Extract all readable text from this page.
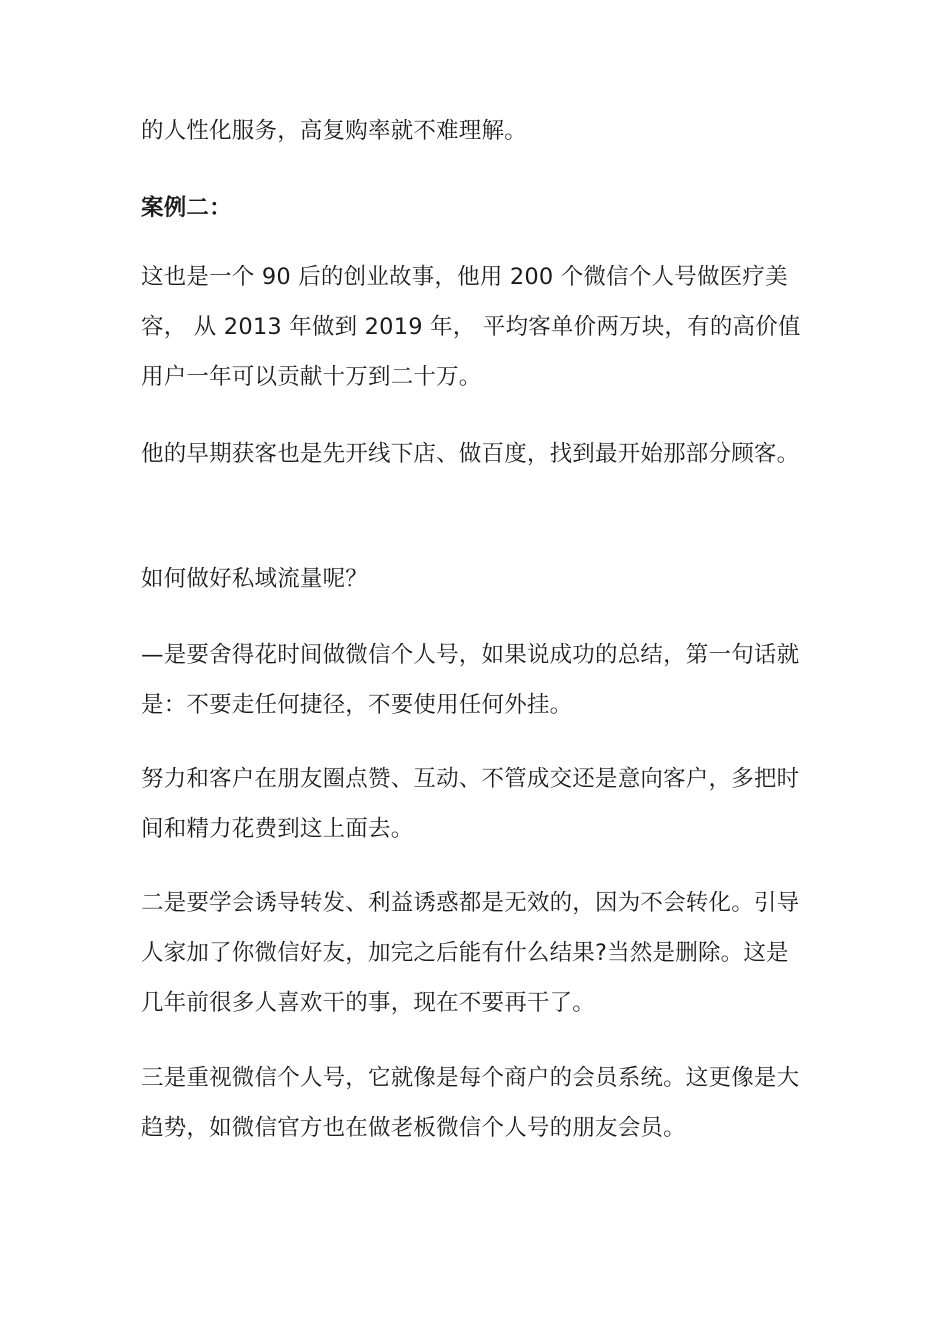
的人性化服务，高复购率就不难理解。

案例二：

这也是一个 90 后的创业故事，他用 200 个微信个人号做医疗美容， 从 2013 年做到 2019 年， 平均客单价两万块，有的高价值用户一年可以贡献十万到二十万。

他的早期获客也是先开线下店、做百度，找到最开始那部分顾客。

如何做好私域流量呢？

—是要舍得花时间做微信个人号，如果说成功的总结，第一句话就是：不要走任何捷径，不要使用任何外挂。

努力和客户在朋友圈点赞、互动、不管成交还是意向客户，多把时间和精力花费到这上面去。

二是要学会诱导转发、利益诱惑都是无效的，因为不会转化。引导人家加了你微信好友，加完之后能有什么结果?当然是删除。这是几年前很多人喜欢干的事，现在不要再干了。

三是重视微信个人号，它就像是每个商户的会员系统。这更像是大趋势，如微信官方也在做老板微信个人号的朋友会员。
